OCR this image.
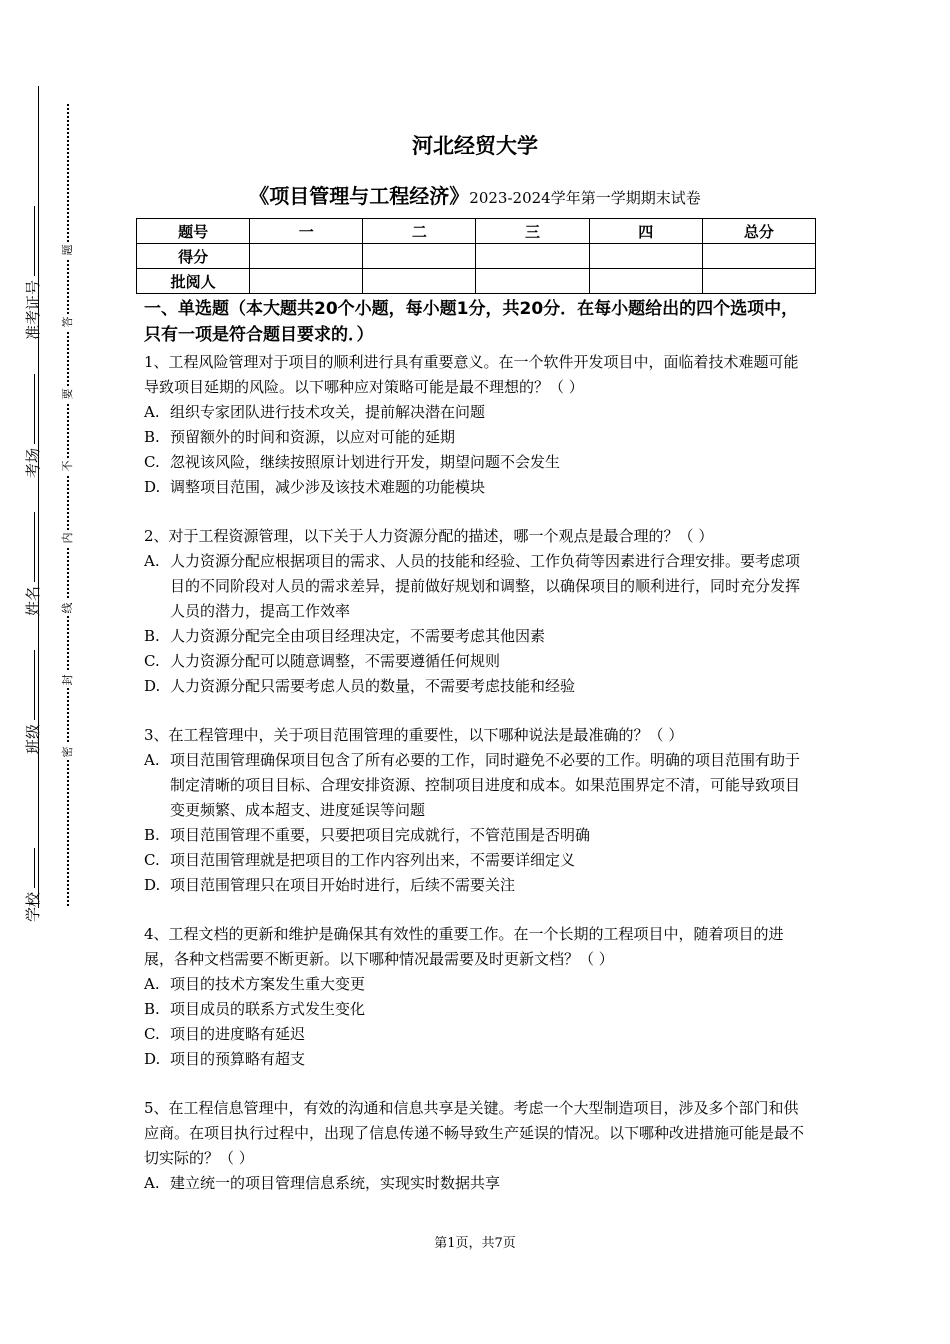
准考证号
考场
姓名
班级
学校
题
答
要
不
内
线
封
密
河北经贸大学
《项目管理与工程经济》2023-2024学年第一学期期末试卷
题号	一	二	三	四	总分
得分					
批阅人					

一、单选题（本大题共20个小题，每小题1分，共20分．在每小题给出的四个选项中，只有一项是符合题目要求的．）

1、工程风险管理对于项目的顺利进行具有重要意义。在一个软件开发项目中，面临着技术难题可能导致项目延期的风险。以下哪种应对策略可能是最不理想的？（ ）

A. 组织专家团队进行技术攻关，提前解决潜在问题
B. 预留额外的时间和资源，以应对可能的延期
C. 忽视该风险，继续按照原计划进行开发，期望问题不会发生
D. 调整项目范围，减少涉及该技术难题的功能模块

2、对于工程资源管理，以下关于人力资源分配的描述，哪一个观点是最合理的？（ ）

A. 人力资源分配应根据项目的需求、人员的技能和经验、工作负荷等因素进行合理安排。要考虑项目的不同阶段对人员的需求差异，提前做好规划和调整，以确保项目的顺利进行，同时充分发挥人员的潜力，提高工作效率
B. 人力资源分配完全由项目经理决定，不需要考虑其他因素
C. 人力资源分配可以随意调整，不需要遵循任何规则
D. 人力资源分配只需要考虑人员的数量，不需要考虑技能和经验

3、在工程管理中，关于项目范围管理的重要性，以下哪种说法是最准确的？（ ）

A. 项目范围管理确保项目包含了所有必要的工作，同时避免不必要的工作。明确的项目范围有助于制定清晰的项目目标、合理安排资源、控制项目进度和成本。如果范围界定不清，可能导致项目变更频繁、成本超支、进度延误等问题
B. 项目范围管理不重要，只要把项目完成就行，不管范围是否明确
C. 项目范围管理就是把项目的工作内容列出来，不需要详细定义
D. 项目范围管理只在项目开始时进行，后续不需要关注

4、工程文档的更新和维护是确保其有效性的重要工作。在一个长期的工程项目中，随着项目的进展，各种文档需要不断更新。以下哪种情况最需要及时更新文档？（ ）

A. 项目的技术方案发生重大变更
B. 项目成员的联系方式发生变化
C. 项目的进度略有延迟
D. 项目的预算略有超支

5、在工程信息管理中，有效的沟通和信息共享是关键。考虑一个大型制造项目，涉及多个部门和供应商。在项目执行过程中，出现了信息传递不畅导致生产延误的情况。以下哪种改进措施可能是最不切实际的？（ ）

A. 建立统一的项目管理信息系统，实现实时数据共享
第1页，共7页
